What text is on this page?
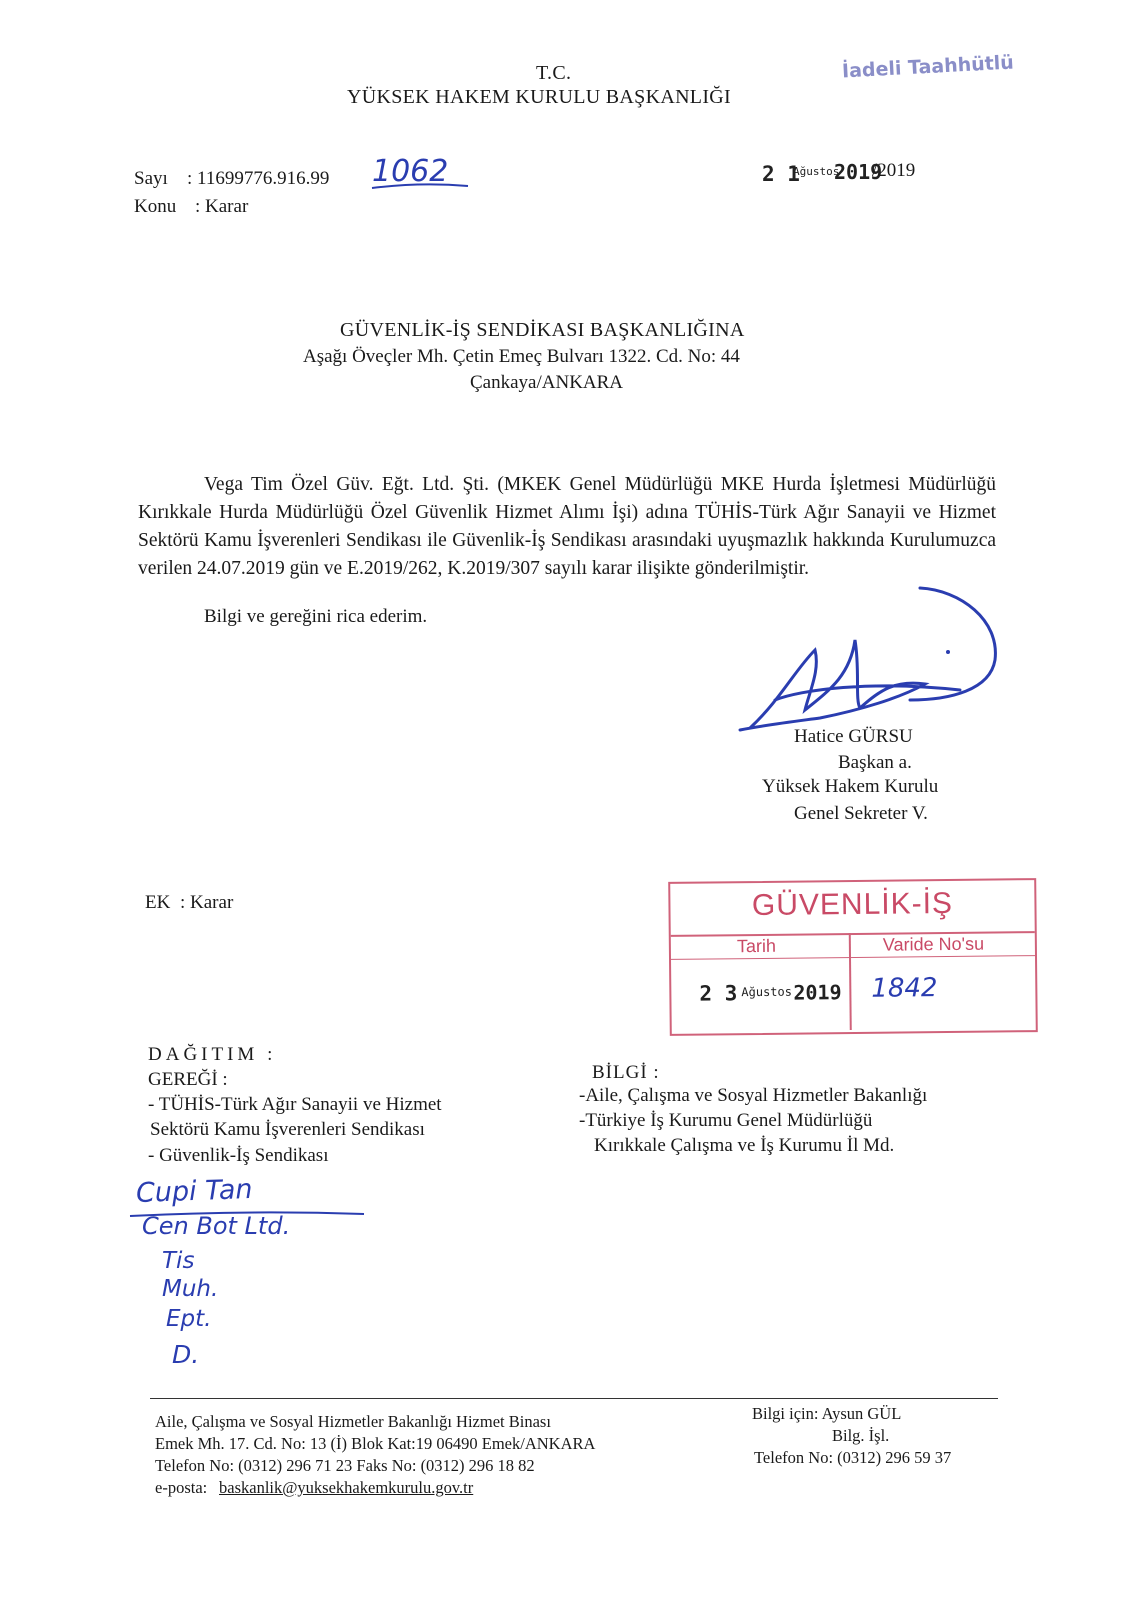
T.C.
YÜKSEK HAKEM KURULU BAŞKANLIĞI
İadeli Taahhütlü
Sayı : 11699776.916.99 1062
Konu : Karar
2 1
Ağustos
2019
/2019
GÜVENLİK-İŞ SENDİKASI BAŞKANLIĞINA
Aşağı Öveçler Mh. Çetin Emeç Bulvarı 1322. Cd. No: 44
Çankaya/ANKARA
Vega Tim Özel Güv. Eğt. Ltd. Şti. (MKEK Genel Müdürlüğü MKE Hurda İşletmesi Müdürlüğü Kırıkkale Hurda Müdürlüğü Özel Güvenlik Hizmet Alımı İşi) adına TÜHİS-Türk Ağır Sanayii ve Hizmet Sektörü Kamu İşverenleri Sendikası ile Güvenlik-İş Sendikası arasındaki uyuşmazlık hakkında Kurulumuzca verilen 24.07.2019 gün ve E.2019/262, K.2019/307 sayılı karar ilişikte gönderilmiştir.
Bilgi ve gereğini rica ederim.
Hatice GÜRSU
Başkan a.
Yüksek Hakem Kurulu
Genel Sekreter V.
EK : Karar	GÜVENLİK-İŞ
Tarih	Varide No'su
2 3 Ağustos 2019 1842
DAĞITIM :
GEREĞİ :
- TÜHİS-Türk Ağır Sanayii ve Hizmet
Sektörü Kamu İşverenleri Sendikası
- Güvenlik-İş Sendikası
BİLGİ :
-Aile, Çalışma ve Sosyal Hizmetler Bakanlığı
-Türkiye İş Kurumu Genel Müdürlüğü
Kırıkkale Çalışma ve İş Kurumu İl Md.
Cupi Tan
Cen Bot Ltd.
Tis
Muh.
Ept.
D.
Aile, Çalışma ve Sosyal Hizmetler Bakanlığı Hizmet Binası
Emek Mh. 17. Cd. No: 13 (İ) Blok Kat:19 06490 Emek/ANKARA
Telefon No: (0312) 296 71 23 Faks No: (0312) 296 18 82
e-posta: baskanlik@yuksekhakemkurulu.gov.tr
Bilgi için: Aysun GÜL
Bilg. İşl.
Telefon No: (0312) 296 59 37
